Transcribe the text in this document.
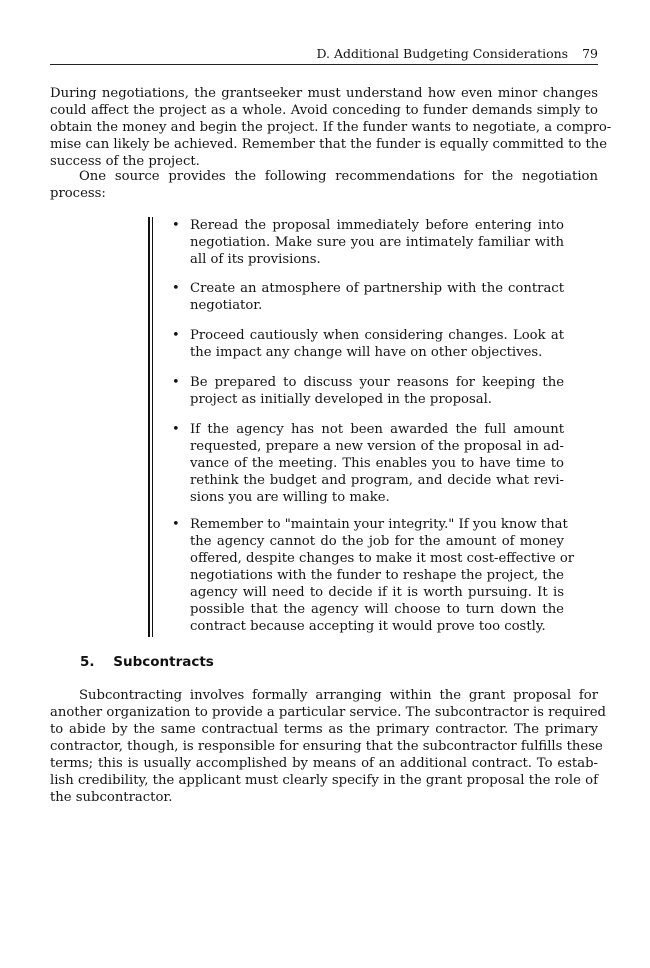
D. Additional Budgeting Considerations 79

During negotiations, the grantseeker must understand how even minor changes
could affect the project as a whole. Avoid conceding to funder demands simply to
obtain the money and begin the project. If the funder wants to negotiate, a compro-
mise can likely be achieved. Remember that the funder is equally committed to the
success of the project.

One source provides the following recommendations for the negotiation
process:

• Reread the proposal immediately before entering into
negotiation. Make sure you are intimately familiar with
all of its provisions.
• Create an atmosphere of partnership with the contract
negotiator.
• Proceed cautiously when considering changes. Look at
the impact any change will have on other objectives.
• Be prepared to discuss your reasons for keeping the
project as initially developed in the proposal.
• If the agency has not been awarded the full amount
requested, prepare a new version of the proposal in ad-
vance of the meeting. This enables you to have time to
rethink the budget and program, and decide what revi-
sions you are willing to make.
• Remember to "maintain your integrity." If you know that
the agency cannot do the job for the amount of money
offered, despite changes to make it most cost-effective or
negotiations with the funder to reshape the project, the
agency will need to decide if it is worth pursuing. It is
possible that the agency will choose to turn down the
contract because accepting it would prove too costly.
5. Subcontracts

Subcontracting involves formally arranging within the grant proposal for
another organization to provide a particular service. The subcontractor is required
to abide by the same contractual terms as the primary contractor. The primary
contractor, though, is responsible for ensuring that the subcontractor fulfills these
terms; this is usually accomplished by means of an additional contract. To estab-
lish credibility, the applicant must clearly specify in the grant proposal the role of
the subcontractor.
